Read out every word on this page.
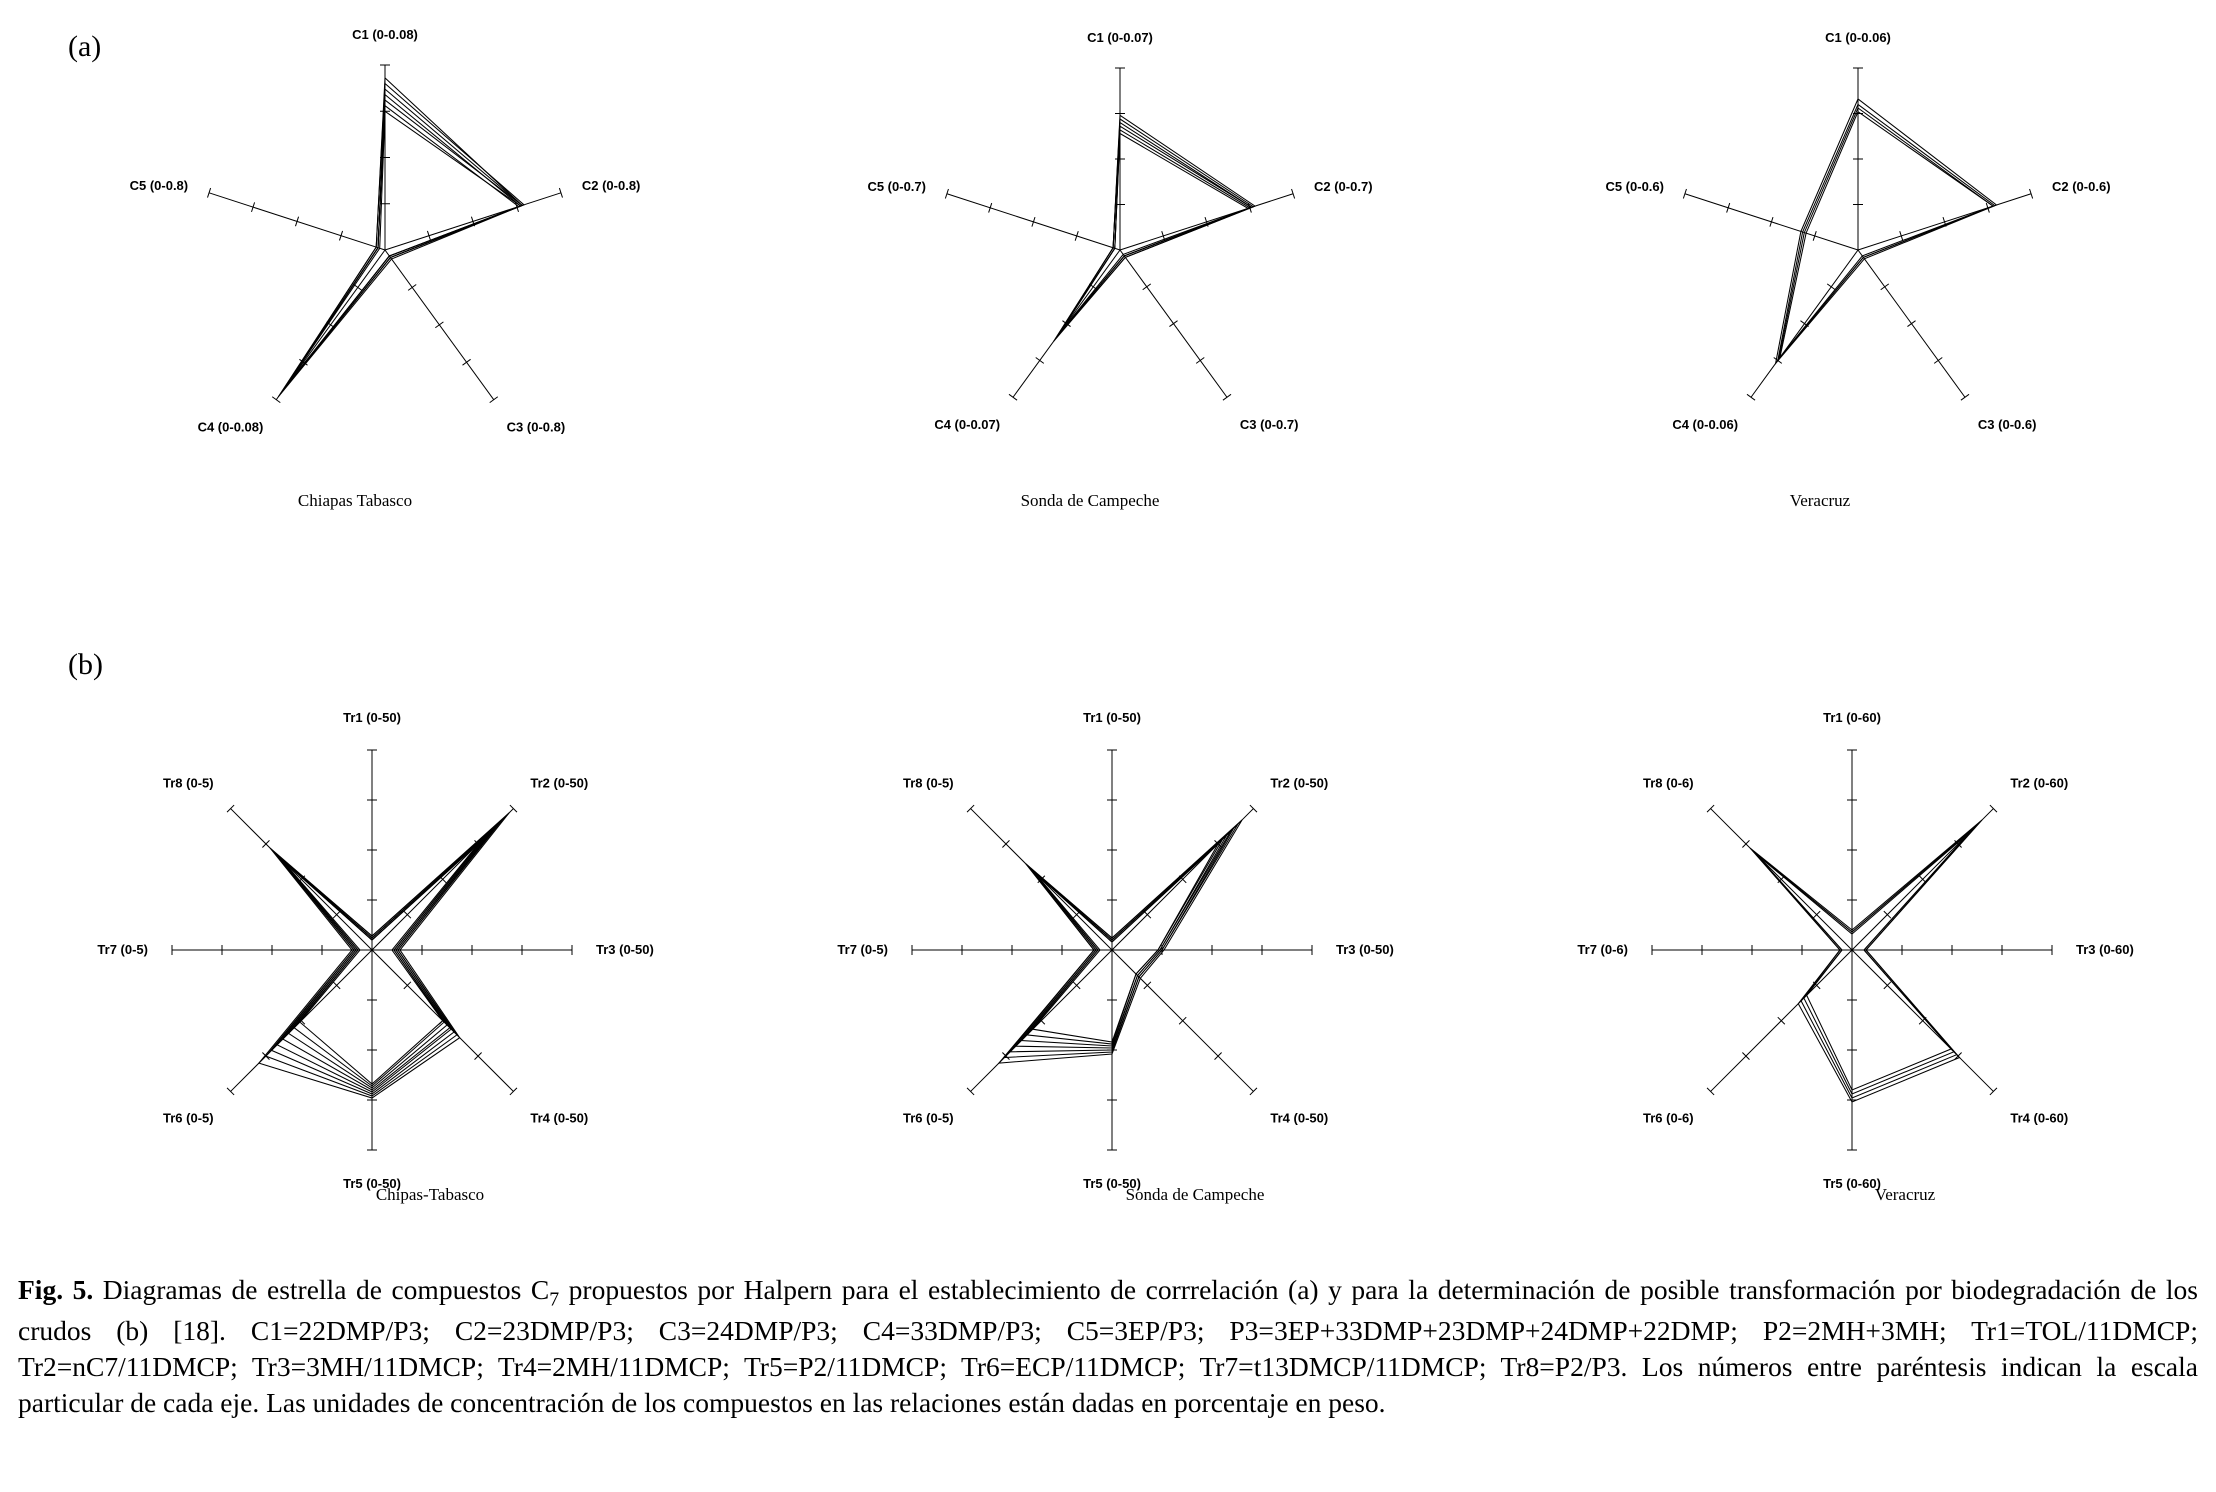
(a)
(b)
C1 (0-0.08)
C2 (0-0.8)
C3 (0-0.8)
C4 (0-0.08)
C5 (0-0.8)
Chiapas Tabasco
C1 (0-0.07)
C2 (0-0.7)
C3 (0-0.7)
C4 (0-0.07)
C5 (0-0.7)
Sonda de Campeche
C1 (0-0.06)
C2 (0-0.6)
C3 (0-0.6)
C4 (0-0.06)
C5 (0-0.6)
Veracruz
Tr1 (0-50)
Tr2 (0-50)
Tr3 (0-50)
Tr4 (0-50)
Tr5 (0-50)
Tr6 (0-5)
Tr7 (0-5)
Tr8 (0-5)
Chipas-Tabasco
Tr1 (0-50)
Tr2 (0-50)
Tr3 (0-50)
Tr4 (0-50)
Tr5 (0-50)
Tr6 (0-5)
Tr7 (0-5)
Tr8 (0-5)
Sonda de Campeche
Tr1 (0-60)
Tr2 (0-60)
Tr3 (0-60)
Tr4 (0-60)
Tr5 (0-60)
Tr6 (0-6)
Tr7 (0-6)
Tr8 (0-6)
Veracruz
Fig. 5. Diagramas de estrella de compuestos $C_7$ propuestos por Halpern para el establecimiento de corrrelación (a) y para la determinación de posible transformación por biodegradación de los crudos (b) [18]. C1=22DMP/P3; C2=23DMP/P3; C3=24DMP/P3; C4=33DMP/P3; C5=3EP/P3; P3=3EP+33DMP+23DMP+24DMP+22DMP; P2=2MH+3MH; Tr1=TOL/11DMCP; Tr2=nC7/11DMCP; Tr3=3MH/11DMCP; Tr4=2MH/11DMCP; Tr5=P2/11DMCP; Tr6=ECP/11DMCP; Tr7=t13DMCP/11DMCP; Tr8=P2/P3. Los números entre paréntesis indican la escala particular de cada eje. Las unidades de concentración de los compuestos en las relaciones están dadas en porcentaje en peso.
